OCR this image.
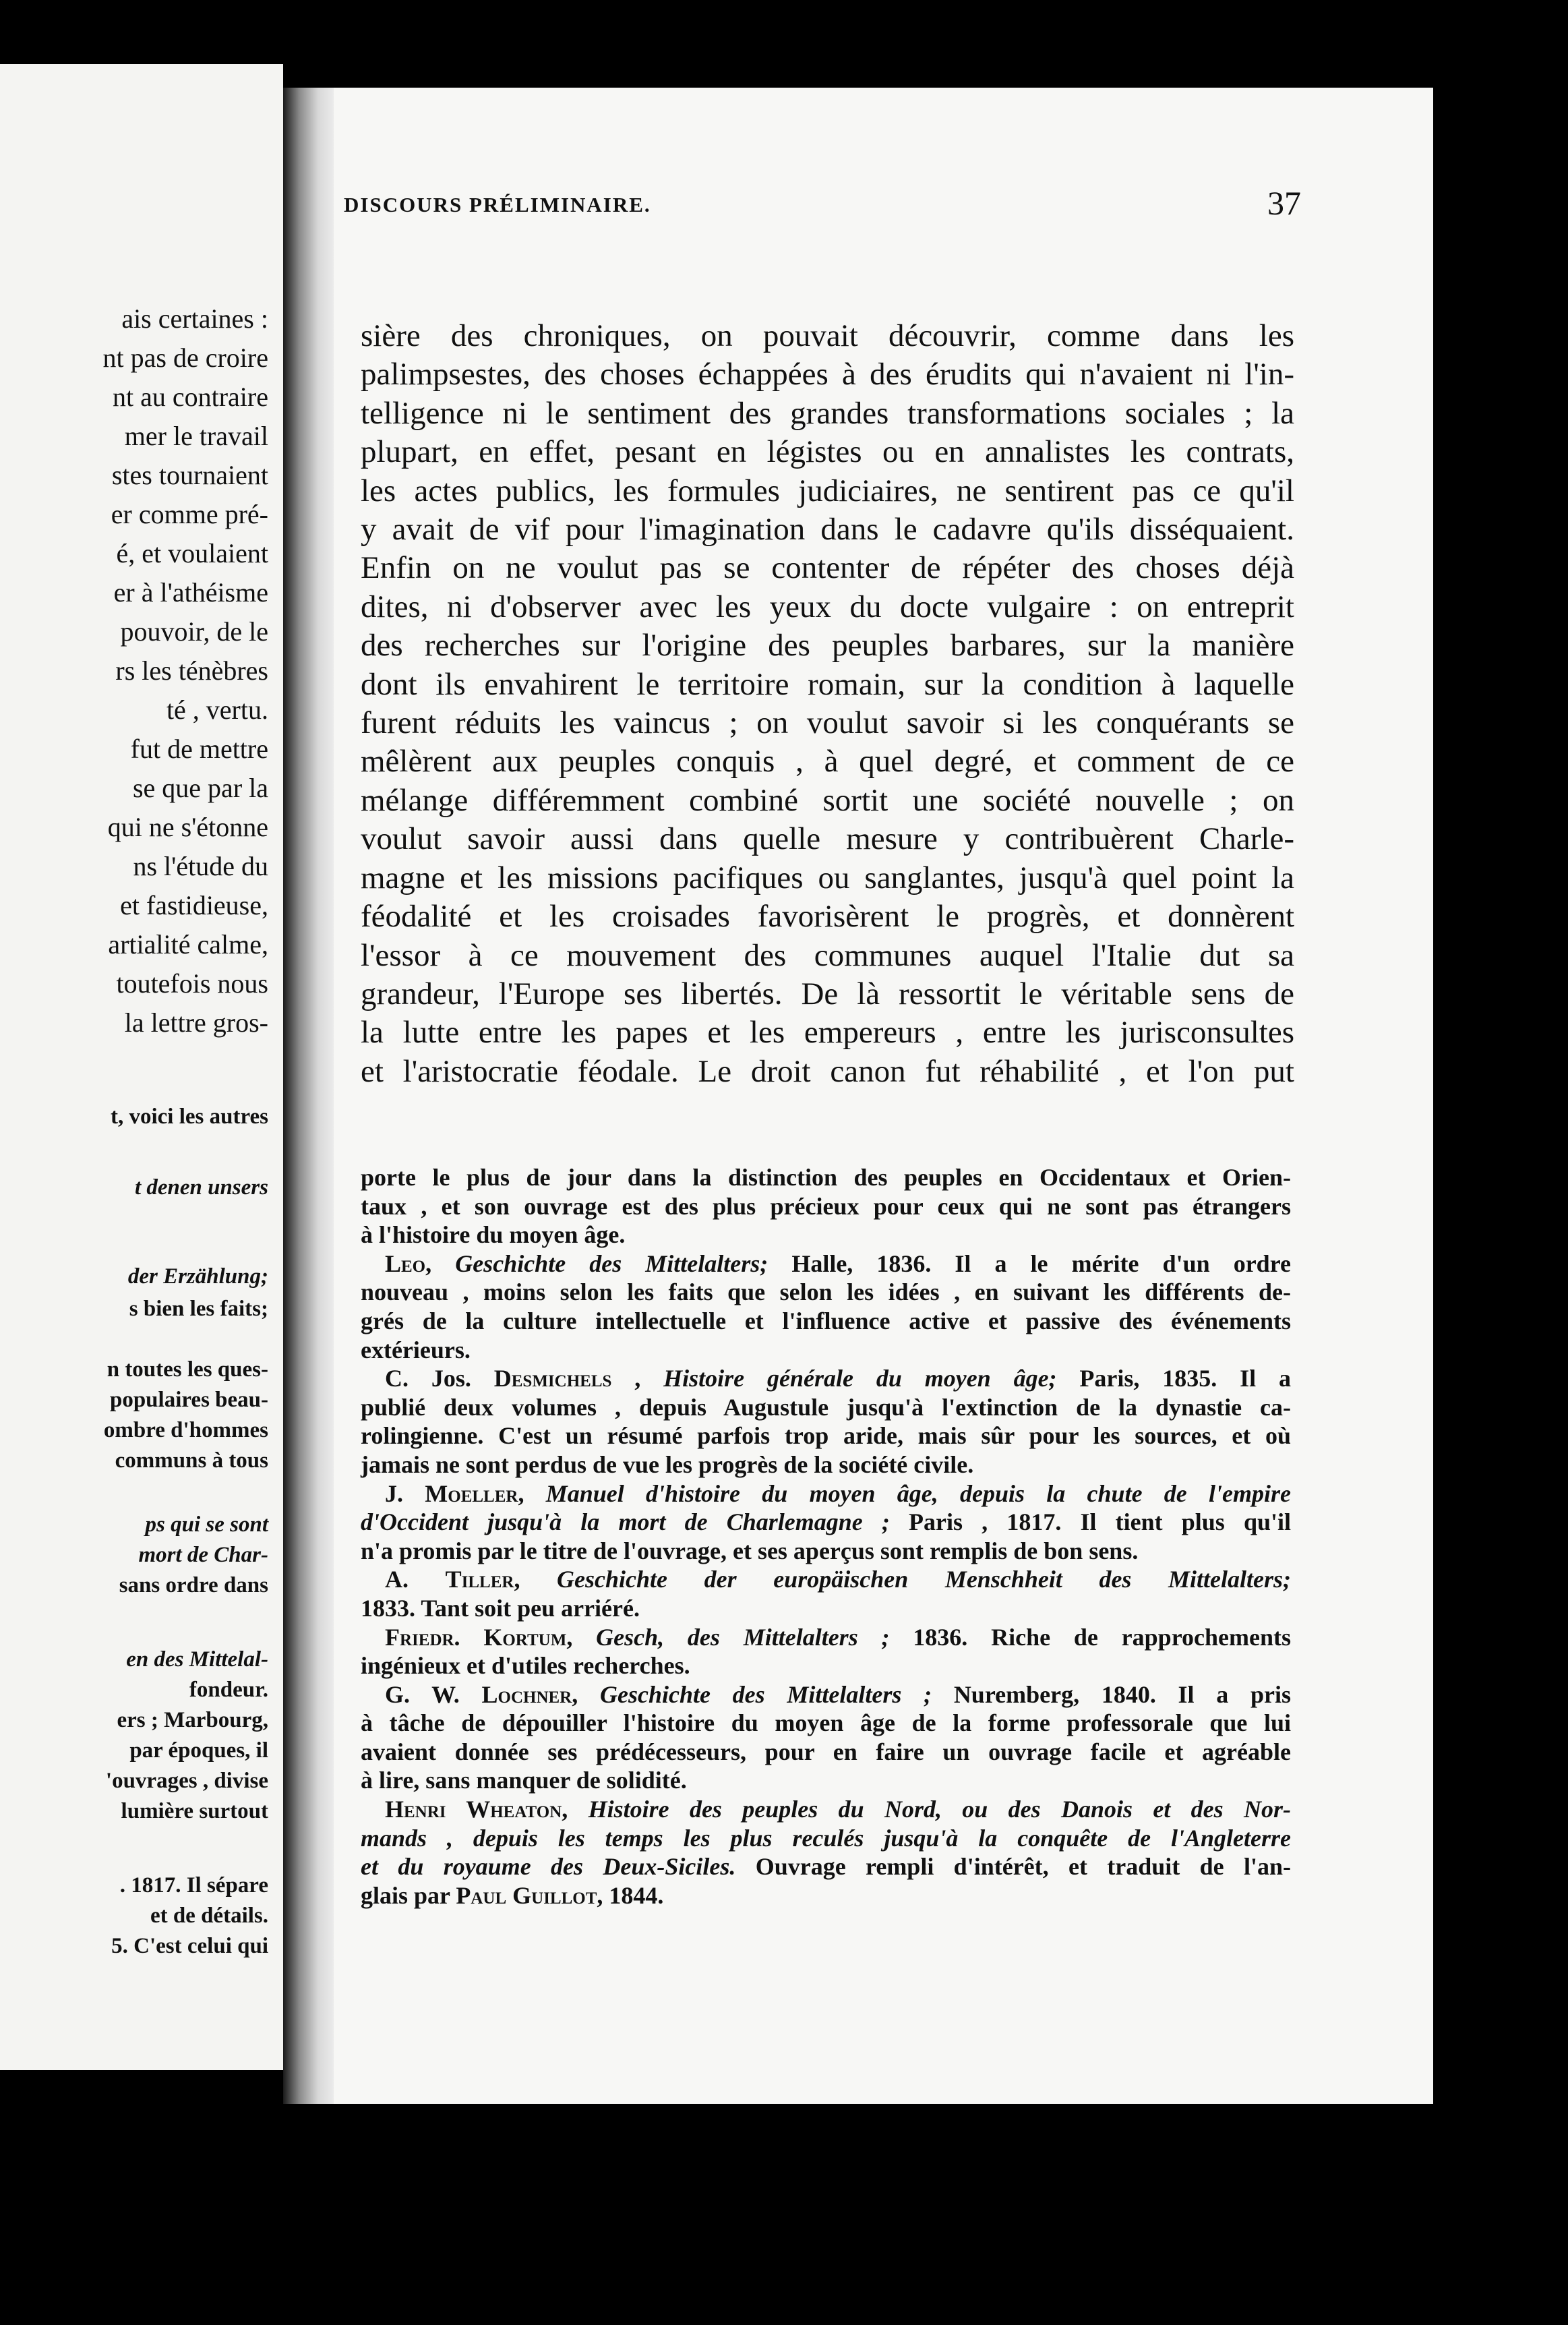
ais certaines :
nt pas de croire
nt au contraire
mer le travail
stes tournaient
er comme pré-
é, et voulaient
er à l'athéisme
pouvoir, de le
rs les ténèbres
té , vertu.
fut de mettre
se que par la
qui ne s'étonne
ns l'étude du
et fastidieuse,
artialité calme,
toutefois nous
la lettre gros-
t, voici les autres
t denen unsers
der Erzählung;
s bien les faits;
n toutes les ques-
populaires beau-
ombre d'hommes
communs à tous
ps qui se sont
mort de Char-
sans ordre dans
en des Mittelal-
fondeur.
ers ; Marbourg,
par époques, il
'ouvrages , divise
lumière surtout
. 1817. Il sépare
et de détails.
5. C'est celui qui
DISCOURS PRÉLIMINAIRE.	37
sière des chroniques, on pouvait découvrir, comme dans les
palimpsestes, des choses échappées à des érudits qui n'avaient ni l'in-
telligence ni le sentiment des grandes transformations sociales ; la
plupart, en effet, pesant en légistes ou en annalistes les contrats,
les actes publics, les formules judiciaires, ne sentirent pas ce qu'il
y avait de vif pour l'imagination dans le cadavre qu'ils disséquaient.
Enfin on ne voulut pas se contenter de répéter des choses déjà
dites, ni d'observer avec les yeux du docte vulgaire : on entreprit
des recherches sur l'origine des peuples barbares, sur la manière
dont ils envahirent le territoire romain, sur la condition à laquelle
furent réduits les vaincus ; on voulut savoir si les conquérants se
mêlèrent aux peuples conquis , à quel degré, et comment de ce
mélange différemment combiné sortit une société nouvelle ; on
voulut savoir aussi dans quelle mesure y contribuèrent Charle-
magne et les missions pacifiques ou sanglantes, jusqu'à quel point la
féodalité et les croisades favorisèrent le progrès, et donnèrent
l'essor à ce mouvement des communes auquel l'Italie dut sa
grandeur, l'Europe ses libertés. De là ressortit le véritable sens de
la lutte entre les papes et les empereurs , entre les jurisconsultes
et l'aristocratie féodale. Le droit canon fut réhabilité , et l'on put
porte le plus de jour dans la distinction des peuples en Occidentaux et Orien-
taux , et son ouvrage est des plus précieux pour ceux qui ne sont pas étrangers
à l'histoire du moyen âge.
Leo, Geschichte des Mittelalters; Halle, 1836. Il a le mérite d'un ordre
nouveau , moins selon les faits que selon les idées , en suivant les différents de-
grés de la culture intellectuelle et l'influence active et passive des événements
extérieurs.
C. Jos. Desmichels , Histoire générale du moyen âge; Paris, 1835. Il a
publié deux volumes , depuis Augustule jusqu'à l'extinction de la dynastie ca-
rolingienne. C'est un résumé parfois trop aride, mais sûr pour les sources, et où
jamais ne sont perdus de vue les progrès de la société civile.
J. Moeller, Manuel d'histoire du moyen âge, depuis la chute de l'empire
d'Occident jusqu'à la mort de Charlemagne ; Paris , 1817. Il tient plus qu'il
n'a promis par le titre de l'ouvrage, et ses aperçus sont remplis de bon sens.
A. Tiller, Geschichte der europäischen Menschheit des Mittelalters;
1833. Tant soit peu arriéré.
Friedr. Kortum, Gesch, des Mittelalters ; 1836. Riche de rapprochements
ingénieux et d'utiles recherches.
G. W. Lochner, Geschichte des Mittelalters ; Nuremberg, 1840. Il a pris
à tâche de dépouiller l'histoire du moyen âge de la forme professorale que lui
avaient donnée ses prédécesseurs, pour en faire un ouvrage facile et agréable
à lire, sans manquer de solidité.
Henri Wheaton, Histoire des peuples du Nord, ou des Danois et des Nor-
mands , depuis les temps les plus reculés jusqu'à la conquête de l'Angleterre
et du royaume des Deux-Siciles. Ouvrage rempli d'intérêt, et traduit de l'an-
glais par Paul Guillot, 1844.
